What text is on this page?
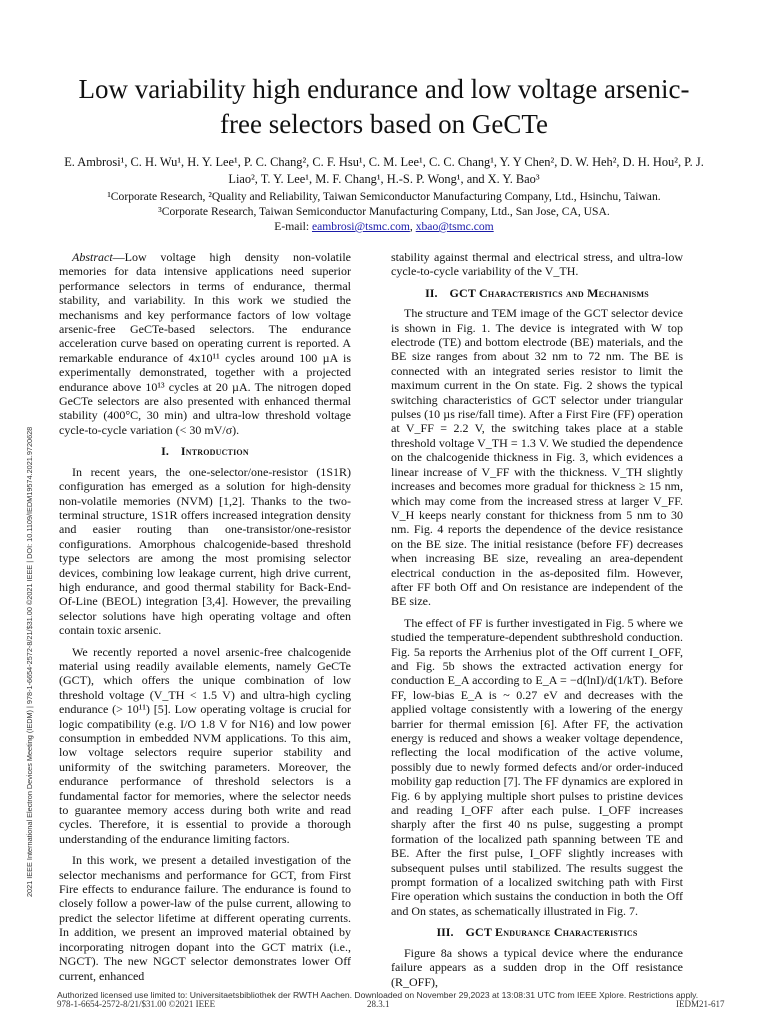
2021 IEEE International Electron Devices Meeting (IEDM) | 978-1-6654-2572-8/21/$31.00 ©2021 IEEE | DOI: 10.1109/IEDM19574.2021.9720628
Low variability high endurance and low voltage arsenic-free selectors based on GeCTe
E. Ambrosi¹, C. H. Wu¹, H. Y. Lee¹, P. C. Chang², C. F. Hsu¹, C. M. Lee¹, C. C. Chang¹, Y. Y Chen², D. W. Heh², D. H. Hou², P. J. Liao², T. Y. Lee¹, M. F. Chang¹, H.-S. P. Wong¹, and X. Y. Bao³
¹Corporate Research, ²Quality and Reliability, Taiwan Semiconductor Manufacturing Company, Ltd., Hsinchu, Taiwan.
³Corporate Research, Taiwan Semiconductor Manufacturing Company, Ltd., San Jose, CA, USA.
E-mail: eambrosi@tsmc.com, xbao@tsmc.com

Abstract—Low voltage high density non-volatile memories for data intensive applications need superior performance selectors in terms of endurance, thermal stability, and variability. In this work we studied the mechanisms and key performance factors of low voltage arsenic-free GeCTe-based selectors. The endurance acceleration curve based on operating current is reported. A remarkable endurance of 4x10¹¹ cycles around 100 µA is experimentally demonstrated, together with a projected endurance above 10¹³ cycles at 20 µA. The nitrogen doped GeCTe selectors are also presented with enhanced thermal stability (400°C, 30 min) and ultra-low threshold voltage cycle-to-cycle variation (< 30 mV/σ).

I. Introduction

In recent years, the one-selector/one-resistor (1S1R) configuration has emerged as a solution for high-density non-volatile memories (NVM) [1,2]. Thanks to the two-terminal structure, 1S1R offers increased integration density and easier routing than one-transistor/one-resistor configurations. Amorphous chalcogenide-based threshold type selectors are among the most promising selector devices, combining low leakage current, high drive current, high endurance, and good thermal stability for Back-End-Of-Line (BEOL) integration [3,4]. However, the prevailing selector solutions have high operating voltage and often contain toxic arsenic.

We recently reported a novel arsenic-free chalcogenide material using readily available elements, namely GeCTe (GCT), which offers the unique combination of low threshold voltage (V_TH < 1.5 V) and ultra-high cycling endurance (> 10¹¹) [5]. Low operating voltage is crucial for logic compatibility (e.g. I/O 1.8 V for N16) and low power consumption in embedded NVM applications. To this aim, low voltage selectors require superior stability and uniformity of the switching parameters. Moreover, the endurance performance of threshold selectors is a fundamental factor for memories, where the selector needs to guarantee memory access during both write and read cycles. Therefore, it is essential to provide a thorough understanding of the endurance limiting factors.

In this work, we present a detailed investigation of the selector mechanisms and performance for GCT, from First Fire effects to endurance failure. The endurance is found to closely follow a power-law of the pulse current, allowing to predict the selector lifetime at different operating currents. In addition, we present an improved material obtained by incorporating nitrogen dopant into the GCT matrix (i.e., NGCT). The new NGCT selector demonstrates lower Off current, enhanced

stability against thermal and electrical stress, and ultra-low cycle-to-cycle variability of the V_TH.

II. GCT Characteristics and Mechanisms

The structure and TEM image of the GCT selector device is shown in Fig. 1. The device is integrated with W top electrode (TE) and bottom electrode (BE) materials, and the BE size ranges from about 32 nm to 72 nm. The BE is connected with an integrated series resistor to limit the maximum current in the On state. Fig. 2 shows the typical switching characteristics of GCT selector under triangular pulses (10 µs rise/fall time). After a First Fire (FF) operation at V_FF = 2.2 V, the switching takes place at a stable threshold voltage V_TH = 1.3 V. We studied the dependence on the chalcogenide thickness in Fig. 3, which evidences a linear increase of V_FF with the thickness. V_TH slightly increases and becomes more gradual for thickness ≥ 15 nm, which may come from the increased stress at larger V_FF. V_H keeps nearly constant for thickness from 5 nm to 30 nm. Fig. 4 reports the dependence of the device resistance on the BE size. The initial resistance (before FF) decreases when increasing BE size, revealing an area-dependent electrical conduction in the as-deposited film. However, after FF both Off and On resistance are independent of the BE size.

The effect of FF is further investigated in Fig. 5 where we studied the temperature-dependent subthreshold conduction. Fig. 5a reports the Arrhenius plot of the Off current I_OFF, and Fig. 5b shows the extracted activation energy for conduction E_A according to E_A = −d(lnI)/d(1/kT). Before FF, low-bias E_A is ~ 0.27 eV and decreases with the applied voltage consistently with a lowering of the energy barrier for thermal emission [6]. After FF, the activation energy is reduced and shows a weaker voltage dependence, reflecting the local modification of the active volume, possibly due to newly formed defects and/or order-induced mobility gap reduction [7]. The FF dynamics are explored in Fig. 6 by applying multiple short pulses to pristine devices and reading I_OFF after each pulse. I_OFF increases sharply after the first 40 ns pulse, suggesting a prompt formation of the localized path spanning between TE and BE. After the first pulse, I_OFF slightly increases with subsequent pulses until stabilized. The results suggest the prompt formation of a localized switching path with First Fire operation which sustains the conduction in both the Off and On states, as schematically illustrated in Fig. 7.

III. GCT Endurance Characteristics

Figure 8a shows a typical device where the endurance failure appears as a sudden drop in the Off resistance (R_OFF),

978-1-6654-2572-8/21/$31.00 ©2021 IEEE	28.3.1	IEDM21-617
Authorized licensed use limited to: Universitaetsbibliothek der RWTH Aachen. Downloaded on November 29,2023 at 13:08:31 UTC from IEEE Xplore. Restrictions apply.
